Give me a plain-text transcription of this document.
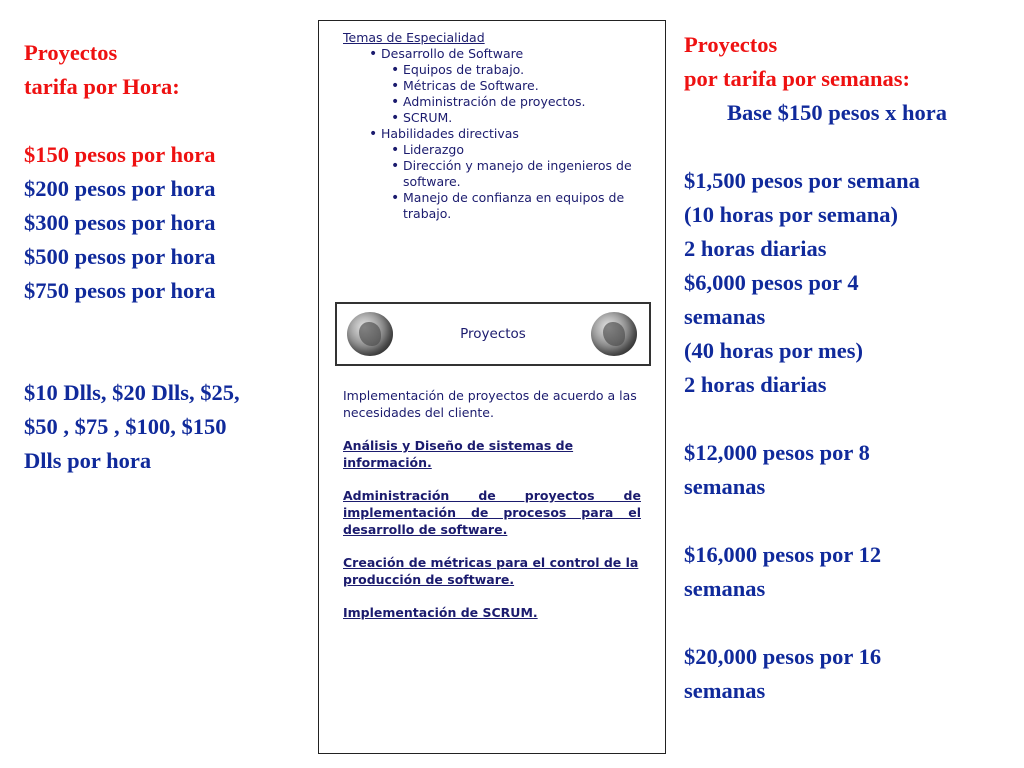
Proyectos
tarifa por Hora:
$150 pesos por hora
$200 pesos por hora
$300 pesos por hora
$500 pesos por hora
$750 pesos por hora
$10 Dlls, $20 Dlls, $25,
$50 , $75 , $100, $150
Dlls por hora
Temas de Especialidad
• Desarrollo de Software
• Equipos de trabajo.
• Métricas de Software.
• Administración de proyectos.
• SCRUM.
• Habilidades directivas
• Liderazgo
• Dirección y manejo de ingenieros de software.
• Manejo de confianza en equipos de trabajo.
Proyectos

Implementación de proyectos de acuerdo a las necesidades del cliente.

Análisis y Diseño de sistemas de información.

Administración de proyectos de implementación de procesos para el desarrollo de software.

Creación de métricas para el control de la producción de software.

Implementación de SCRUM.

Proyectos
por tarifa por semanas:
Base $150 pesos x hora
$1,500 pesos por semana
(10 horas por semana)
2 horas diarias
$6,000 pesos por 4
semanas
(40 horas por mes)
2 horas diarias
$12,000 pesos por 8
semanas
$16,000 pesos por 12
semanas
$20,000 pesos por 16
semanas
